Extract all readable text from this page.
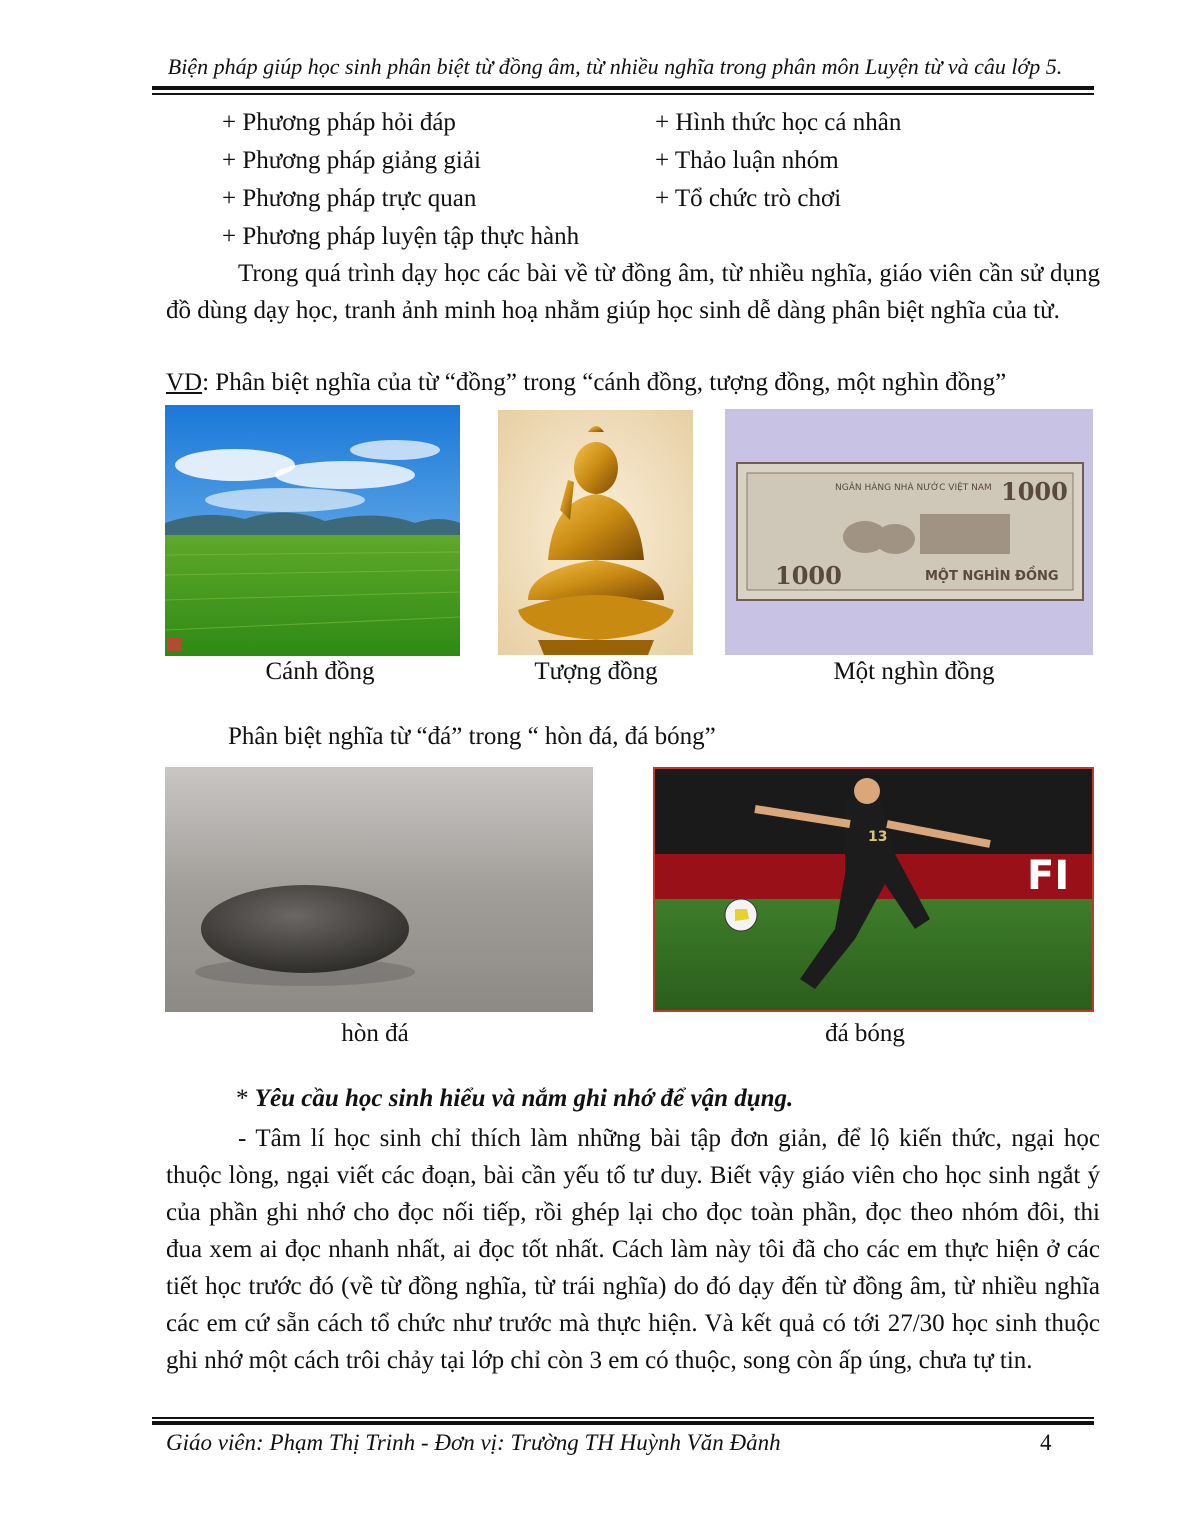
Biện pháp giúp học sinh phân biệt từ đồng âm, từ nhiều nghĩa trong phân môn Luyện từ và câu lớp 5.
+ Phương pháp hỏi đáp
+ Phương pháp giảng giải
+ Phương pháp trực quan
+ Phương pháp luyện tập thực hành
+ Hình thức học cá nhân
+ Thảo luận nhóm
+ Tổ chức trò chơi
Trong quá trình dạy học các bài về từ đồng âm, từ nhiều nghĩa, giáo viên cần sử dụng đồ dùng dạy học, tranh ảnh minh hoạ nhằm giúp học sinh dễ dàng phân biệt nghĩa của từ.
VD: Phân biệt nghĩa của từ “đồng” trong “cánh đồng, tượng đồng, một nghìn đồng”
NGÂN HÀNG NHÀ NƯỚC VIỆT NAM 1000
1000	MỘT NGHÌN ĐỒNG
Cánh đồng	Tượng đồng	Một nghìn đồng
Phân biệt nghĩa từ “đá” trong “ hòn đá, đá bóng”
13
FI
hòn đá	đá bóng
* Yêu cầu học sinh hiểu và nắm ghi nhớ để vận dụng.
- Tâm lí học sinh chỉ thích làm những bài tập đơn giản, để lộ kiến thức, ngại học thuộc lòng, ngại viết các đoạn, bài cần yếu tố tư duy. Biết vậy giáo viên cho học sinh ngắt ý của phần ghi nhớ cho đọc nối tiếp, rồi ghép lại cho đọc toàn phần, đọc theo nhóm đôi, thi đua xem ai đọc nhanh nhất, ai đọc tốt nhất. Cách làm này tôi đã cho các em thực hiện ở các tiết học trước đó (về từ đồng nghĩa, từ trái nghĩa) do đó dạy đến từ đồng âm, từ nhiều nghĩa các em cứ sẵn cách tổ chức như trước mà thực hiện. Và kết quả có tới 27/30 học sinh thuộc ghi nhớ một cách trôi chảy tại lớp chỉ còn 3 em có thuộc, song còn ấp úng, chưa tự tin.
Giáo viên: Phạm Thị Trinh - Đơn vị: Trường TH Huỳnh Văn Đảnh	4
